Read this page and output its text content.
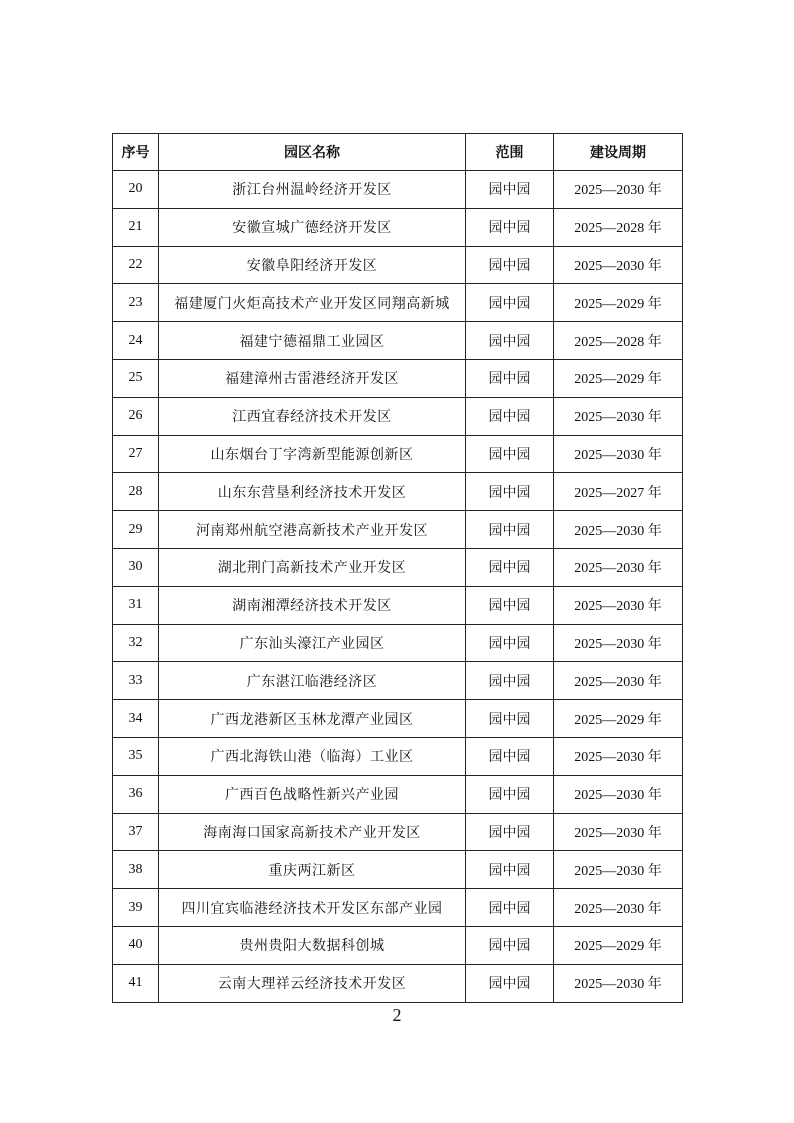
序号	园区名称	范围	建设周期
20	浙江台州温岭经济开发区	园中园	2025—2030 年
21	安徽宣城广德经济开发区	园中园	2025—2028 年
22	安徽阜阳经济开发区	园中园	2025—2030 年
23	福建厦门火炬高技术产业开发区同翔高新城	园中园	2025—2029 年
24	福建宁德福鼎工业园区	园中园	2025—2028 年
25	福建漳州古雷港经济开发区	园中园	2025—2029 年
26	江西宜春经济技术开发区	园中园	2025—2030 年
27	山东烟台丁字湾新型能源创新区	园中园	2025—2030 年
28	山东东营垦利经济技术开发区	园中园	2025—2027 年
29	河南郑州航空港高新技术产业开发区	园中园	2025—2030 年
30	湖北荆门高新技术产业开发区	园中园	2025—2030 年
31	湖南湘潭经济技术开发区	园中园	2025—2030 年
32	广东汕头濠江产业园区	园中园	2025—2030 年
33	广东湛江临港经济区	园中园	2025—2030 年
34	广西龙港新区玉林龙潭产业园区	园中园	2025—2029 年
35	广西北海铁山港（临海）工业区	园中园	2025—2030 年
36	广西百色战略性新兴产业园	园中园	2025—2030 年
37	海南海口国家高新技术产业开发区	园中园	2025—2030 年
38	重庆两江新区	园中园	2025—2030 年
39	四川宜宾临港经济技术开发区东部产业园	园中园	2025—2030 年
40	贵州贵阳大数据科创城	园中园	2025—2029 年
41	云南大理祥云经济技术开发区	园中园	2025—2030 年
2
